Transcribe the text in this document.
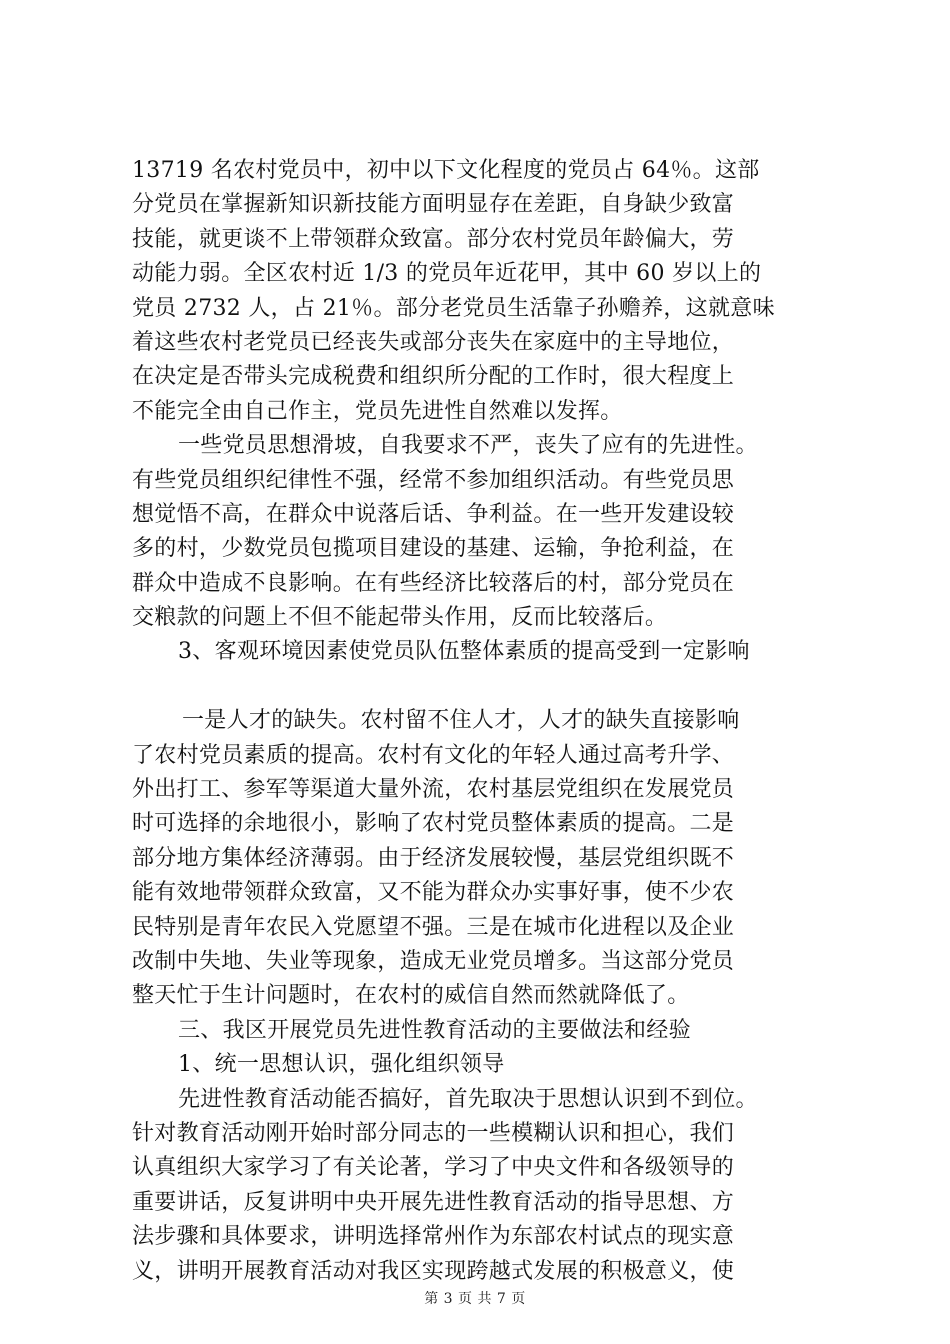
13719 名农村党员中，初中以下文化程度的党员占 64％。这部
分党员在掌握新知识新技能方面明显存在差距，自身缺少致富
技能，就更谈不上带领群众致富。部分农村党员年龄偏大，劳
动能力弱。全区农村近 1/3 的党员年近花甲，其中 60 岁以上的
党员 2732 人，占 21％。部分老党员生活靠子孙赡养，这就意味
着这些农村老党员已经丧失或部分丧失在家庭中的主导地位，
在决定是否带头完成税费和组织所分配的工作时，很大程度上
不能完全由自己作主，党员先进性自然难以发挥。
一些党员思想滑坡，自我要求不严，丧失了应有的先进性。
有些党员组织纪律性不强，经常不参加组织活动。有些党员思
想觉悟不高，在群众中说落后话、争利益。在一些开发建设较
多的村，少数党员包揽项目建设的基建、运输，争抢利益，在
群众中造成不良影响。在有些经济比较落后的村，部分党员在
交粮款的问题上不但不能起带头作用，反而比较落后。
3、客观环境因素使党员队伍整体素质的提高受到一定影响
一是人才的缺失。农村留不住人才，人才的缺失直接影响
了农村党员素质的提高。农村有文化的年轻人通过高考升学、
外出打工、参军等渠道大量外流，农村基层党组织在发展党员
时可选择的余地很小，影响了农村党员整体素质的提高。二是
部分地方集体经济薄弱。由于经济发展较慢，基层党组织既不
能有效地带领群众致富，又不能为群众办实事好事，使不少农
民特别是青年农民入党愿望不强。三是在城市化进程以及企业
改制中失地、失业等现象，造成无业党员增多。当这部分党员
整天忙于生计问题时，在农村的威信自然而然就降低了。
三、我区开展党员先进性教育活动的主要做法和经验
1、统一思想认识，强化组织领导
先进性教育活动能否搞好，首先取决于思想认识到不到位。
针对教育活动刚开始时部分同志的一些模糊认识和担心，我们
认真组织大家学习了有关论著，学习了中央文件和各级领导的
重要讲话，反复讲明中央开展先进性教育活动的指导思想、方
法步骤和具体要求，讲明选择常州作为东部农村试点的现实意
义，讲明开展教育活动对我区实现跨越式发展的积极意义，使
第 3 页 共 7 页
